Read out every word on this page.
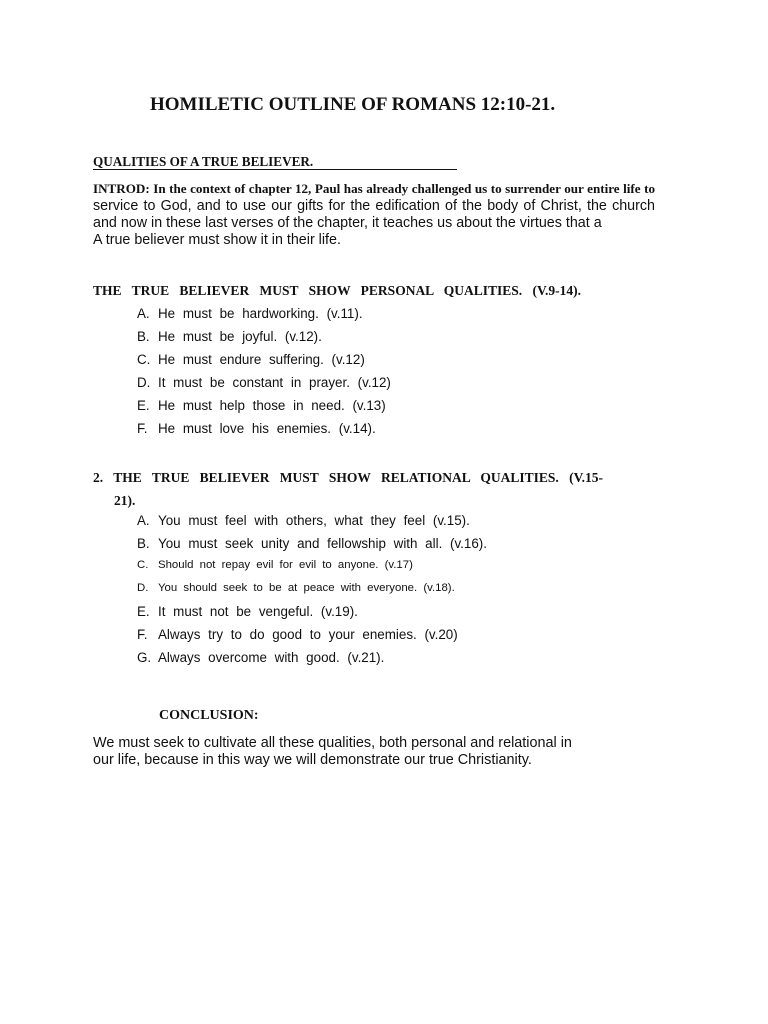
HOMILETIC OUTLINE OF ROMANS 12:10-21.
QUALITIES OF A TRUE BELIEVER.

INTROD: In the context of chapter 12, Paul has already challenged us to surrender our entire life to service to God, and to use our gifts for the edification of the body of Christ, the church and now in these last verses of the chapter, it teaches us about the virtues that a
A true believer must show it in their life.

THE TRUE BELIEVER MUST SHOW PERSONAL QUALITIES. (V.9-14).
A. He must be hardworking. (v.11).
B. He must be joyful. (v.12).
C. He must endure suffering. (v.12)
D. It must be constant in prayer. (v.12)
E. He must help those in need. (v.13)
F. He must love his enemies. (v.14).
2. THE TRUE BELIEVER MUST SHOW RELATIONAL QUALITIES. (V.15-
21).
A. You must feel with others, what they feel (v.15).
B. You must seek unity and fellowship with all. (v.16).
C. Should not repay evil for evil to anyone. (v.17)
D. You should seek to be at peace with everyone. (v.18).
E. It must not be vengeful. (v.19).
F. Always try to do good to your enemies. (v.20)
G. Always overcome with good. (v.21).
CONCLUSION:

We must seek to cultivate all these qualities, both personal and relational in our life, because in this way we will demonstrate our true Christianity.
